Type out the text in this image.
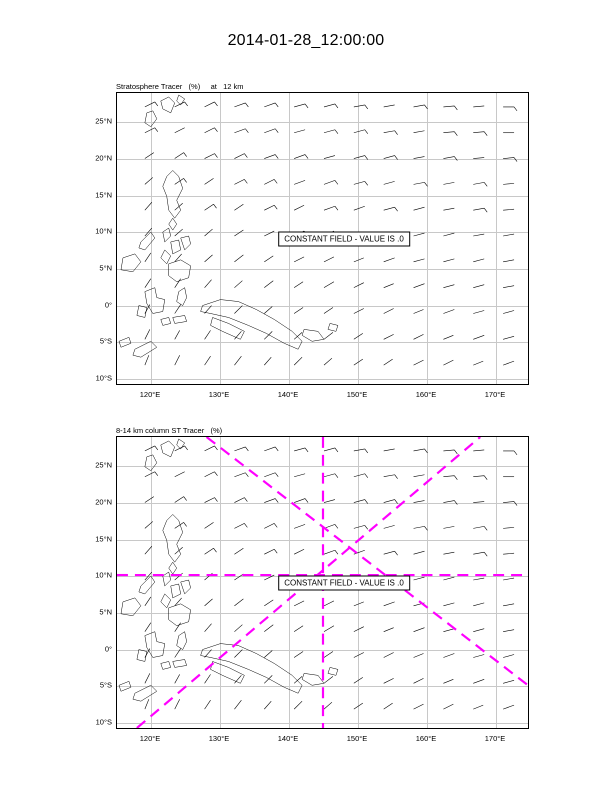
2014-01-28_12:00:00

Stratosphere Tracer   (%)     at   12 km

CONSTANT FIELD - VALUE IS .0
120°E	130°E	140°E	150°E	160°E	170°E
25°N
20°N
15°N
10°N
5°N
0°
5°S
10°S

8-14 km column ST Tracer   (%)

CONSTANT FIELD - VALUE IS .0
120°E	130°E	140°E	150°E	160°E	170°E
25°N
20°N
15°N
10°N
5°N
0°
5°S
10°S
